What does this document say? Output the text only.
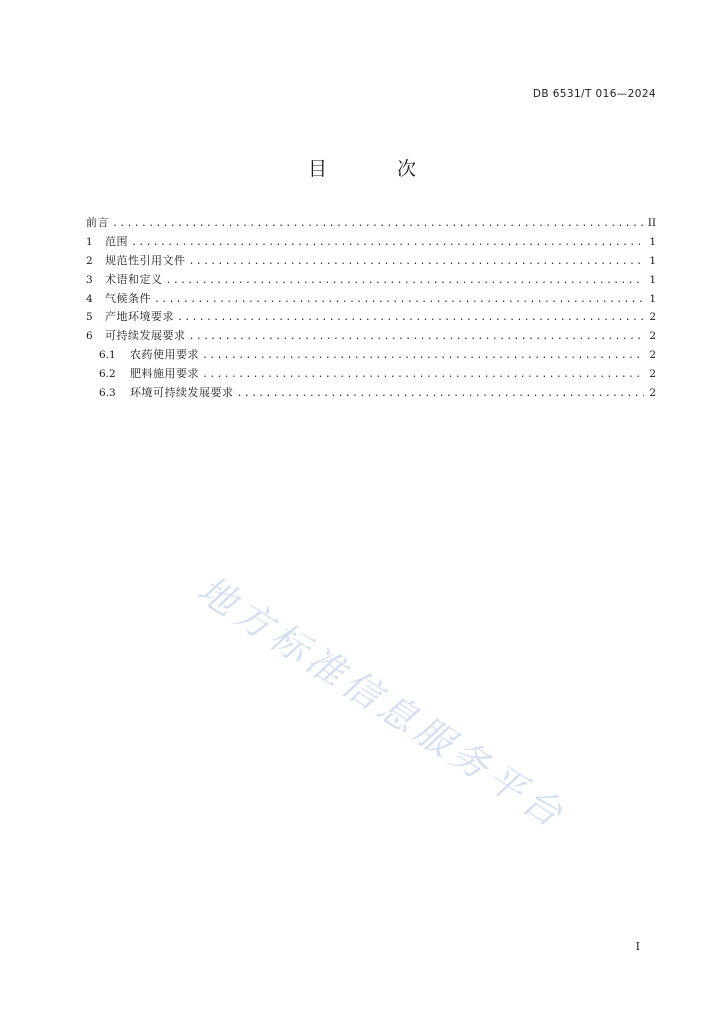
DB 6531/T 016—2024
目 次
前言 .....	II
1	范围 .....	1
2	规范性引用文件 .....	1
3	术语和定义 .....	1
4	气候条件 .....	1
5	产地环境要求 .....	2
6	可持续发展要求 .....	2
6.1	农药使用要求 .....	2
6.2	肥料施用要求 .....	2
6.3	环境可持续发展要求 .....	2
地方标准信息服务平台
I
